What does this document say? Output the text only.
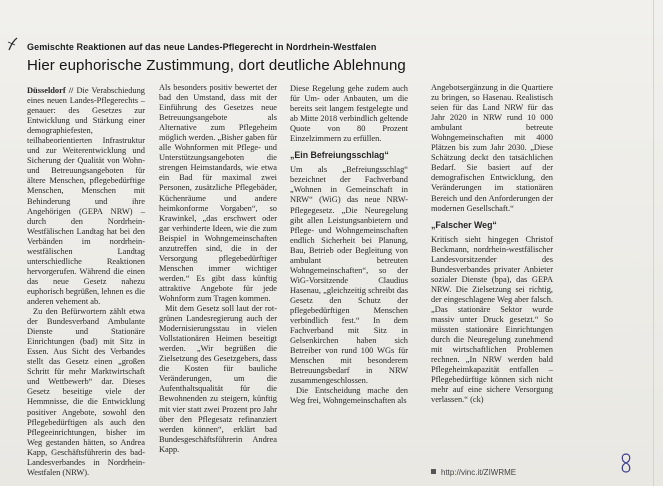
Gemischte Reaktionen auf das neue Landes-Pflegerecht in Nordrhein-Westfalen
Hier euphorische Zustimmung, dort deutliche Ablehnung

Düsseldorf // Die Verabschiedung eines neuen Landes-Pflegerechts – genauer: des Gesetzes zur Entwicklung und Stärkung einer demographiefesten, teilhabeorientierten Infrastruktur und zur Weiterentwicklung und Sicherung der Qualität von Wohn- und Betreuungsangeboten für ältere Menschen, pflegebedürftige Menschen, Menschen mit Behinderung und ihre Angehörigen (GEPA NRW) – durch den Nordrhein-Westfälischen Landtag hat bei den Verbänden im nordrhein-westfälischen Landtag unterschiedliche Reaktionen hervorgerufen. Während die einen das neue Gesetz nahezu euphorisch begrüßen, lehnen es die anderen vehement ab.

Zu den Befürwortern zählt etwa der Bundesverband Ambulante Dienste und Stationäre Einrichtungen (bad) mit Sitz in Essen. Aus Sicht des Verbandes stellt das Gesetz einen „großen Schritt für mehr Marktwirtschaft und Wettbewerb“ dar. Dieses Gesetz beseitige viele der Hemmnisse, die die Entwicklung positiver Angebote, sowohl den Pflegebedürftigen als auch den Pflegeeinrichtungen, bisher im Weg gestanden hätten, so Andrea Kapp, Geschäftsführerin des bad-Landesverbandes in Nordrhein-Westfalen (NRW).

Als besonders positiv bewertet der bad den Umstand, dass mit der Einführung des Gesetzes neue Betreuungsangebote als Alternative zum Pflegeheim möglich werden. „Bisher gaben für alle Wohnformen mit Pflege- und Unterstützungsangeboten die strengen Heimstandards, wie etwa ein Bad für maximal zwei Personen, zusätzliche Pflegebäder, Küchenräume und andere heimkonforme Vorgaben“, so Krawinkel, „das erschwert oder gar verhinderte Ideen, wie die zum Beispiel in Wohngemeinschaften anzutreffen sind, die in der Versorgung pflegebedürftiger Menschen immer wichtiger werden.“ Es gibt dass künftig attraktive Angebote für jede Wohnform zum Tragen kommen.

Mit dem Gesetz soll laut der rot-grünen Landesregierung auch der Modernisierungsstau in vielen Vollstationären Heimen beseitigt werden. „Wir begrüßen die Zielsetzung des Gesetzgebers, dass die Kosten für bauliche Veränderungen, um die Aufenthaltsqualität für die Bewohnenden zu steigern, künftig mit vier statt zwei Prozent pro Jahr über den Pflegesatz refinanziert werden können“, erklärt bad Bundesgeschäftsführerin Andrea Kapp.

Diese Regelung gehe zudem auch für Um- oder Anbauten, um die bereits seit langem festgelegte und ab Mitte 2018 verbindlich geltende Quote von 80 Prozent Einzelzimmern zu erfüllen.

„Ein Befreiungsschlag“

Um als „Befreiungsschlag“ bezeichnet der Fachverband „Wohnen in Gemeinschaft in NRW“ (WiG) das neue NRW-Pflegegesetz. „Die Neuregelung gibt allen Leistungsanbietern und Pflege- und Wohngemeinschaften endlich Sicherheit bei Planung, Bau, Betrieb oder Begleitung von ambulant betreuten Wohngemeinschaften“, so der WiG-Vorsitzende Claudius Hasenau, „gleichzeitig schreibt das Gesetz den Schutz der pflegebedürftigen Menschen verbindlich fest.“ In dem Fachverband mit Sitz in Gelsenkirchen haben sich Betreiber von rund 100 WGs für Menschen mit besonderem Betreuungsbedarf in NRW zusammengeschlossen.

Die Entscheidung mache den Weg frei, Wohngemeinschaften als

Angebotsergänzung in die Quartiere zu bringen, so Hasenau. Realistisch seien für das Land NRW für das Jahr 2020 in NRW rund 10 000 ambulant betreute Wohngemeinschaften mit 4000 Plätzen bis zum Jahr 2030. „Diese Schätzung deckt den tatsächlichen Bedarf. Sie basiert auf der demografischen Entwicklung, den Veränderungen im stationären Bereich und den Anforderungen der modernen Gesellschaft.“

„Falscher Weg“

Kritisch sieht hingegen Christof Beckmann, nordrhein-westfälischer Landesvorsitzender des Bundesverbandes privater Anbieter sozialer Dienste (bpa), das GEPA NRW. Die Zielsetzung sei richtig, der eingeschlagene Weg aber falsch. „Das stationäre Sektor wurde massiv unter Druck gesetzt.“ So müssten stationäre Einrichtungen durch die Neuregelung zunehmend mit wirtschaftlichen Problemen rechnen. „In NRW werden bald Pflegeheimkapazität entfallen – Pflegebedürftige können sich nicht mehr auf eine sichere Versorgung verlassen.“ (ck)

http://vinc.it/ZIWRME
